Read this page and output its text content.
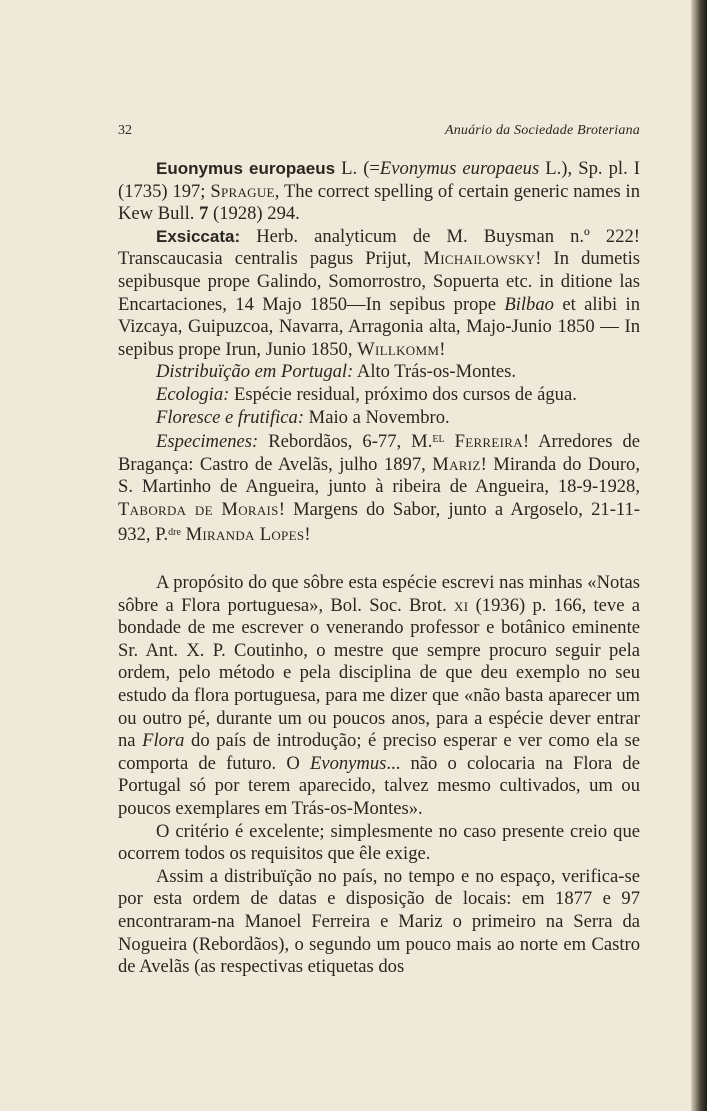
32	Anuário da Sociedade Broteriana

Euonymus europaeus L. (=Evonymus europaeus L.), Sp. pl. I (1735) 197; Sprague, The correct spelling of certain generic names in Kew Bull. 7 (1928) 294.

Exsiccata: Herb. analyticum de M. Buysman n.º 222! Transcaucasia centralis pagus Prijut, Michailowsky! In dumetis sepibusque prope Galindo, Somorrostro, Sopuerta etc. in ditione las Encartaciones, 14 Majo 1850—In sepibus prope Bilbao et alibi in Vizcaya, Guipuzcoa, Navarra, Arragonia alta, Majo-Junio 1850 — In sepibus prope Irun, Junio 1850, Willkomm!

Distribuïção em Portugal: Alto Trás-os-Montes.

Ecologia: Espécie residual, próximo dos cursos de água.

Floresce e frutifica: Maio a Novembro.

Especimenes: Rebordãos, 6-77, M.$^{EL}$ Ferreira! Arredores de Bragança: Castro de Avelãs, julho 1897, Mariz! Miranda do Douro, S. Martinho de Angueira, junto à ribeira de Angueira, 18-9-1928, Taborda de Morais! Margens do Sabor, junto a Argoselo, 21-11-932, P.$^{dre}$ Miranda Lopes!

A propósito do que sôbre esta espécie escrevi nas minhas «Notas sôbre a Flora portuguesa», Bol. Soc. Brot. xi (1936) p. 166, teve a bondade de me escrever o venerando professor e botânico eminente Sr. Ant. X. P. Coutinho, o mestre que sempre procuro seguir pela ordem, pelo método e pela disciplina de que deu exemplo no seu estudo da flora portuguesa, para me dizer que «não basta aparecer um ou outro pé, durante um ou poucos anos, para a espécie dever entrar na Flora do país de introdução; é preciso esperar e ver como ela se comporta de futuro. O Evonymus... não o colocaria na Flora de Portugal só por terem aparecido, talvez mesmo cultivados, um ou poucos exemplares em Trás-os-Montes».

O critério é excelente; simplesmente no caso presente creio que ocorrem todos os requisitos que êle exige.

Assim a distribuïção no país, no tempo e no espaço, verifica-se por esta ordem de datas e disposição de locais: em 1877 e 97 encontraram-na Manoel Ferreira e Mariz o primeiro na Serra da Nogueira (Rebordãos), o segundo um pouco mais ao norte em Castro de Avelãs (as respectivas etiquetas dos
